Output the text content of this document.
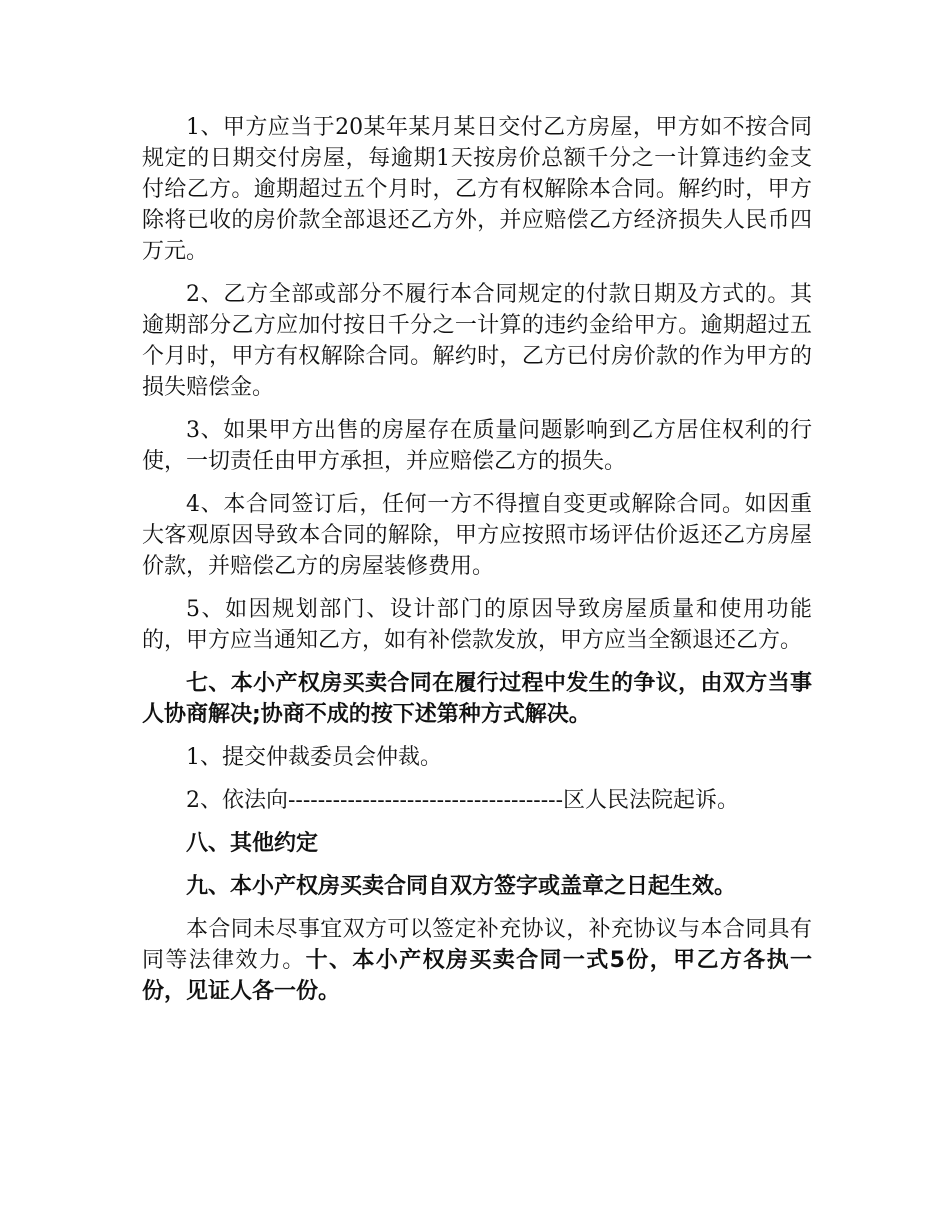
1、甲方应当于20某年某月某日交付乙方房屋，甲方如不按合同规定的日期交付房屋，每逾期1天按房价总额千分之一计算违约金支付给乙方。逾期超过五个月时，乙方有权解除本合同。解约时，甲方除将已收的房价款全部退还乙方外，并应赔偿乙方经济损失人民币四万元。

2、乙方全部或部分不履行本合同规定的付款日期及方式的。其逾期部分乙方应加付按日千分之一计算的违约金给甲方。逾期超过五个月时，甲方有权解除合同。解约时，乙方已付房价款的作为甲方的损失赔偿金。

3、如果甲方出售的房屋存在质量问题影响到乙方居住权利的行使，一切责任由甲方承担，并应赔偿乙方的损失。

4、本合同签订后，任何一方不得擅自变更或解除合同。如因重大客观原因导致本合同的解除，甲方应按照市场评估价返还乙方房屋价款，并赔偿乙方的房屋装修费用。

5、如因规划部门、设计部门的原因导致房屋质量和使用功能的，甲方应当通知乙方，如有补偿款发放，甲方应当全额退还乙方。

七、本小产权房买卖合同在履行过程中发生的争议，由双方当事人协商解决;协商不成的按下述第种方式解决。

1、提交仲裁委员会仲裁。

2、依法向-------------------------------------区人民法院起诉。

八、其他约定

九、本小产权房买卖合同自双方签字或盖章之日起生效。

本合同未尽事宜双方可以签定补充协议，补充协议与本合同具有同等法律效力。十、本小产权房买卖合同一式5份，甲乙方各执一份，见证人各一份。
